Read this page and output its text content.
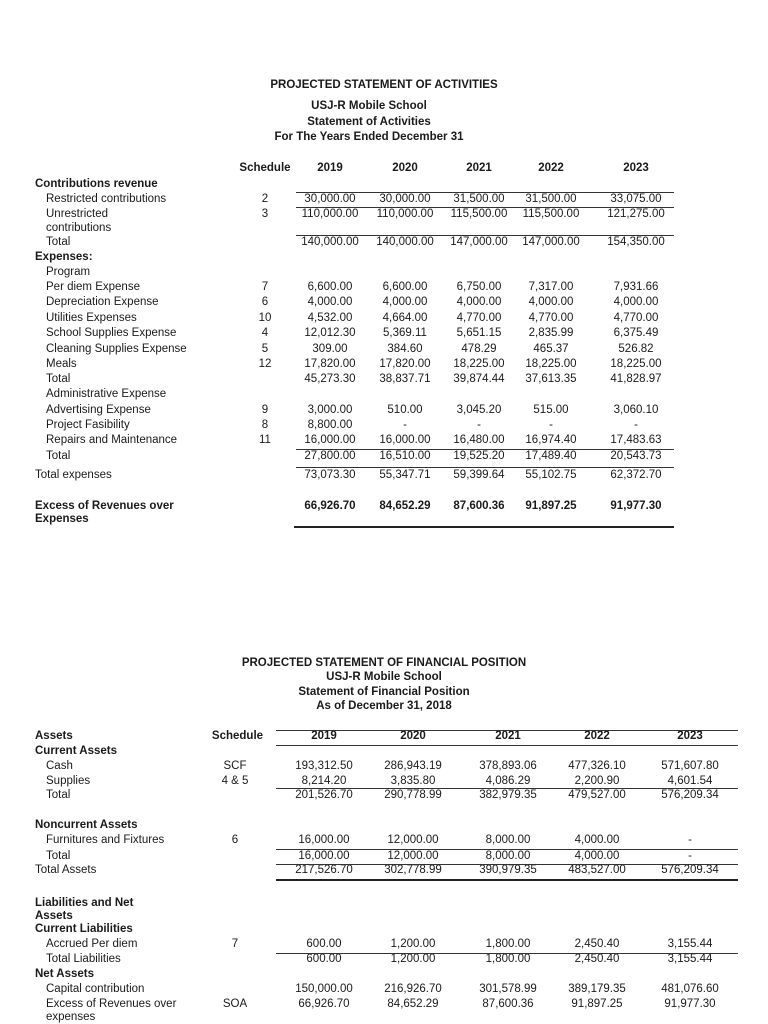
PROJECTED STATEMENT OF ACTIVITIES
USJ-R Mobile School
Statement of Activities
For The Years Ended December 31
Schedule	2019	2020	2021	2022	2023
Contributions revenue
Restricted contributions	2	30,000.00	30,000.00	31,500.00	31,500.00	33,075.00
Unrestricted	3	110,000.00	110,000.00	115,500.00	115,500.00	121,275.00
contributions
Total	140,000.00	140,000.00	147,000.00	147,000.00	154,350.00
Expenses:
Program
Per diem Expense	7	6,600.00	6,600.00	6,750.00	7,317.00	7,931.66
Depreciation Expense	6	4,000.00	4,000.00	4,000.00	4,000.00	4,000.00
Utilities Expenses	10	4,532.00	4,664.00	4,770.00	4,770.00	4,770.00
School Supplies Expense	4	12,012.30	5,369.11	5,651.15	2,835.99	6,375.49
Cleaning Supplies Expense	5	309.00	384.60	478.29	465.37	526.82
Meals	12	17,820.00	17,820.00	18,225.00	18,225.00	18,225.00
Total	45,273.30	38,837.71	39,874.44	37,613.35	41,828.97
Administrative Expense
Advertising Expense	9	3,000.00	510.00	3,045.20	515.00	3,060.10
Project Fasibility	8	8,800.00	-	-	-	-
Repairs and Maintenance	11	16,000.00	16,000.00	16,480.00	16,974.40	17,483.63
Total	27,800.00	16,510.00	19,525.20	17,489.40	20,543.73
Total expenses	73,073.30	55,347.71	59,399.64	55,102.75	62,372.70
Excess of Revenues over
Expenses
66,926.70	84,652.29	87,600.36	91,897.25	91,977.30
PROJECTED STATEMENT OF FINANCIAL POSITION
USJ-R Mobile School
Statement of Financial Position
As of December 31, 2018
Assets	Schedule	2019	2020	2021	2022	2023
Current Assets
Cash	SCF	193,312.50	286,943.19	378,893.06	477,326.10	571,607.80
Supplies	4 & 5	8,214.20	3,835.80	4,086.29	2,200.90	4,601.54
Total	201,526.70	290,778.99	382,979.35	479,527.00	576,209.34
Noncurrent Assets
Furnitures and Fixtures	6	16,000.00	12,000.00	8,000.00	4,000.00	-
Total	16,000.00	12,000.00	8,000.00	4,000.00	-
Total Assets	217,526.70	302,778.99	390,979.35	483,527.00	576,209.34
Liabilities and Net
Assets
Current Liabilities
Accrued Per diem	7	600.00	1,200.00	1,800.00	2,450.40	3,155.44
Total Liabilities	600.00	1,200.00	1,800.00	2,450.40	3,155.44
Net Assets
Capital contribution	150,000.00	216,926.70	301,578.99	389,179.35	481,076.60
Excess of Revenues over	SOA	66,926.70	84,652.29	87,600.36	91,897.25	91,977.30
expenses
